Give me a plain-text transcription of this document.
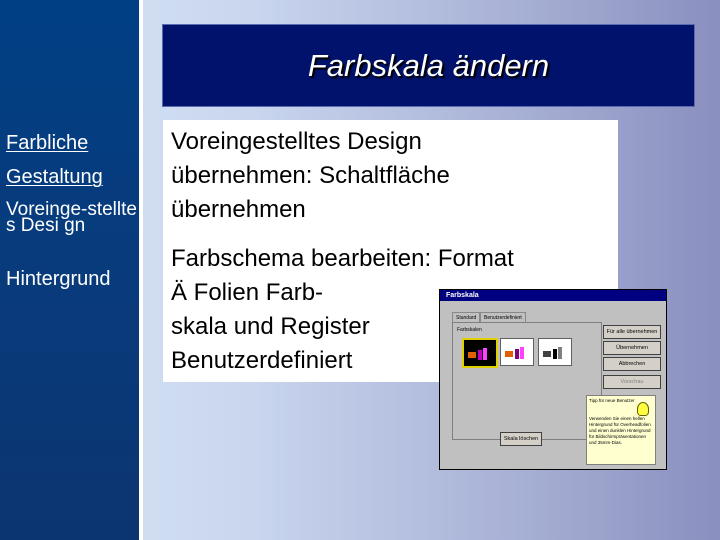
Farbliche
Gestaltung
Voreinge-stelltes Desi gn
Hintergrund
Farbskala ändern
Voreingestelltes Design
übernehmen: Schaltfläche
übernehmen
Farbschema bearbeiten: Format
Ä Folien Farb-
skala und Register
Benutzerdefiniert
Farbskala
Standard	Benutzerdefiniert
Farbskalen	Für alle übernehmen
Übernehmen
Abbrechen
Vorschau
Skala löschen
Tipp für neue Benutzer
Verwenden Sie einen hellen Hintergrund für Overheadfolien und einen dunklen Hintergrund für Bildschirmpräsentationen und 35mm-Dias.
